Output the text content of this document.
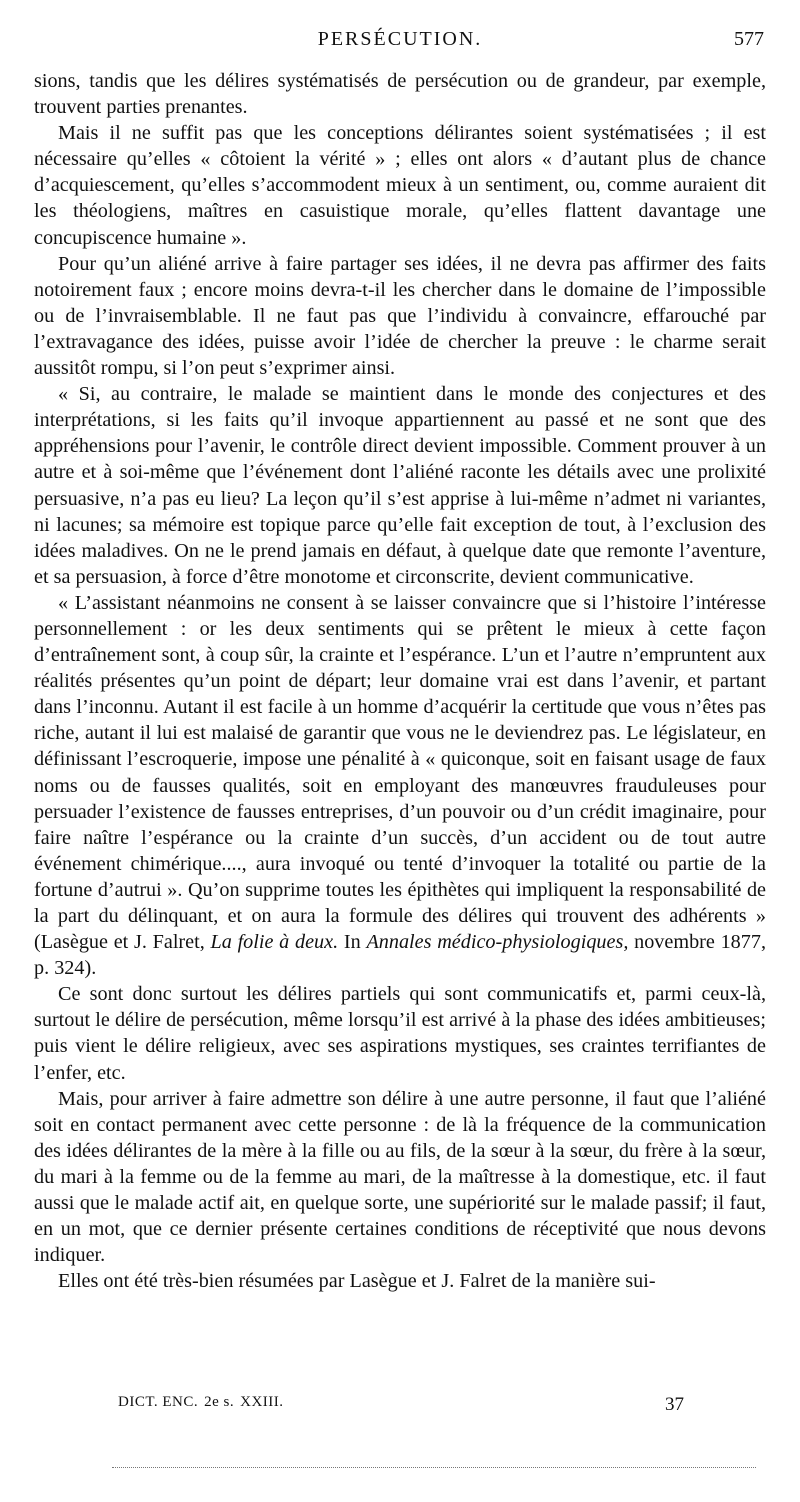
PERSÉCUTION.	577

sions, tandis que les délires systématisés de persécution ou de grandeur, par exemple, trouvent parties prenantes.

Mais il ne suffit pas que les conceptions délirantes soient systématisées ; il est nécessaire qu’elles « côtoient la vérité » ; elles ont alors « d’autant plus de chance d’acquiescement, qu’elles s’accommodent mieux à un sentiment, ou, comme auraient dit les théologiens, maîtres en casuistique morale, qu’elles flattent davantage une concupiscence humaine ».

Pour qu’un aliéné arrive à faire partager ses idées, il ne devra pas affirmer des faits notoirement faux ; encore moins devra-t-il les chercher dans le domaine de l’impossible ou de l’invraisemblable. Il ne faut pas que l’individu à convaincre, effarouché par l’extravagance des idées, puisse avoir l’idée de chercher la preuve : le charme serait aussitôt rompu, si l’on peut s’exprimer ainsi.

« Si, au contraire, le malade se maintient dans le monde des conjectures et des interprétations, si les faits qu’il invoque appartiennent au passé et ne sont que des appréhensions pour l’avenir, le contrôle direct devient impossible. Comment prouver à un autre et à soi-même que l’événement dont l’aliéné raconte les détails avec une prolixité persuasive, n’a pas eu lieu? La leçon qu’il s’est apprise à lui-même n’admet ni variantes, ni lacunes; sa mémoire est topique parce qu’elle fait exception de tout, à l’exclusion des idées maladives. On ne le prend jamais en défaut, à quelque date que remonte l’aventure, et sa persuasion, à force d’être monotome et circonscrite, devient communicative.

« L’assistant néanmoins ne consent à se laisser convaincre que si l’histoire l’intéresse personnellement : or les deux sentiments qui se prêtent le mieux à cette façon d’entraînement sont, à coup sûr, la crainte et l’espérance. L’un et l’autre n’empruntent aux réalités présentes qu’un point de départ; leur domaine vrai est dans l’avenir, et partant dans l’inconnu. Autant il est facile à un homme d’acquérir la certitude que vous n’êtes pas riche, autant il lui est malaisé de garantir que vous ne le deviendrez pas. Le législateur, en définissant l’escroquerie, impose une pénalité à « quiconque, soit en faisant usage de faux noms ou de fausses qualités, soit en employant des manœuvres frauduleuses pour persuader l’existence de fausses entreprises, d’un pouvoir ou d’un crédit imaginaire, pour faire naître l’espérance ou la crainte d’un succès, d’un accident ou de tout autre événement chimérique...., aura invoqué ou tenté d’invoquer la totalité ou partie de la fortune d’autrui ». Qu’on supprime toutes les épithètes qui impliquent la responsabilité de la part du délinquant, et on aura la formule des délires qui trouvent des adhérents » (Lasègue et J. Falret, La folie à deux. In Annales médico-physiologiques, novembre 1877, p. 324).

Ce sont donc surtout les délires partiels qui sont communicatifs et, parmi ceux-là, surtout le délire de persécution, même lorsqu’il est arrivé à la phase des idées ambitieuses; puis vient le délire religieux, avec ses aspirations mystiques, ses craintes terrifiantes de l’enfer, etc.

Mais, pour arriver à faire admettre son délire à une autre personne, il faut que l’aliéné soit en contact permanent avec cette personne : de là la fréquence de la communication des idées délirantes de la mère à la fille ou au fils, de la sœur à la sœur, du frère à la sœur, du mari à la femme ou de la femme au mari, de la maîtresse à la domestique, etc. il faut aussi que le malade actif ait, en quelque sorte, une supériorité sur le malade passif; il faut, en un mot, que ce dernier présente certaines conditions de réceptivité que nous devons indiquer.

Elles ont été très-bien résumées par Lasègue et J. Falret de la manière sui-

DICT. ENC. 2e s. XXIII.	37
